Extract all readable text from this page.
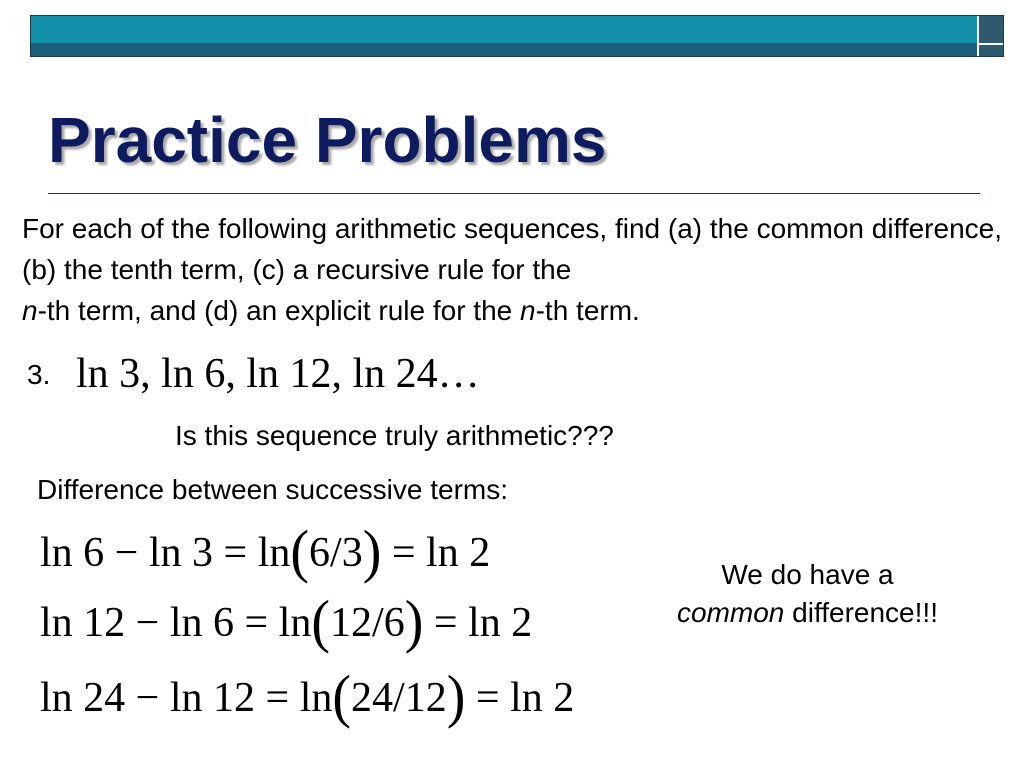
Practice Problems

For each of the following arithmetic sequences, find (a) the common difference, (b) the tenth term, (c) a recursive rule for the
n-th term, and (d) an explicit rule for the n-th term.

3. ln 3, ln 6, ln 12, ln 24…
Is this sequence truly arithmetic???
Difference between successive terms:
ln 6 − ln 3 = ln(6/3) = ln 2
ln 12 − ln 6 = ln(12/6) = ln 2
ln 24 − ln 12 = ln(24/12) = ln 2
We do have a
common difference!!!
